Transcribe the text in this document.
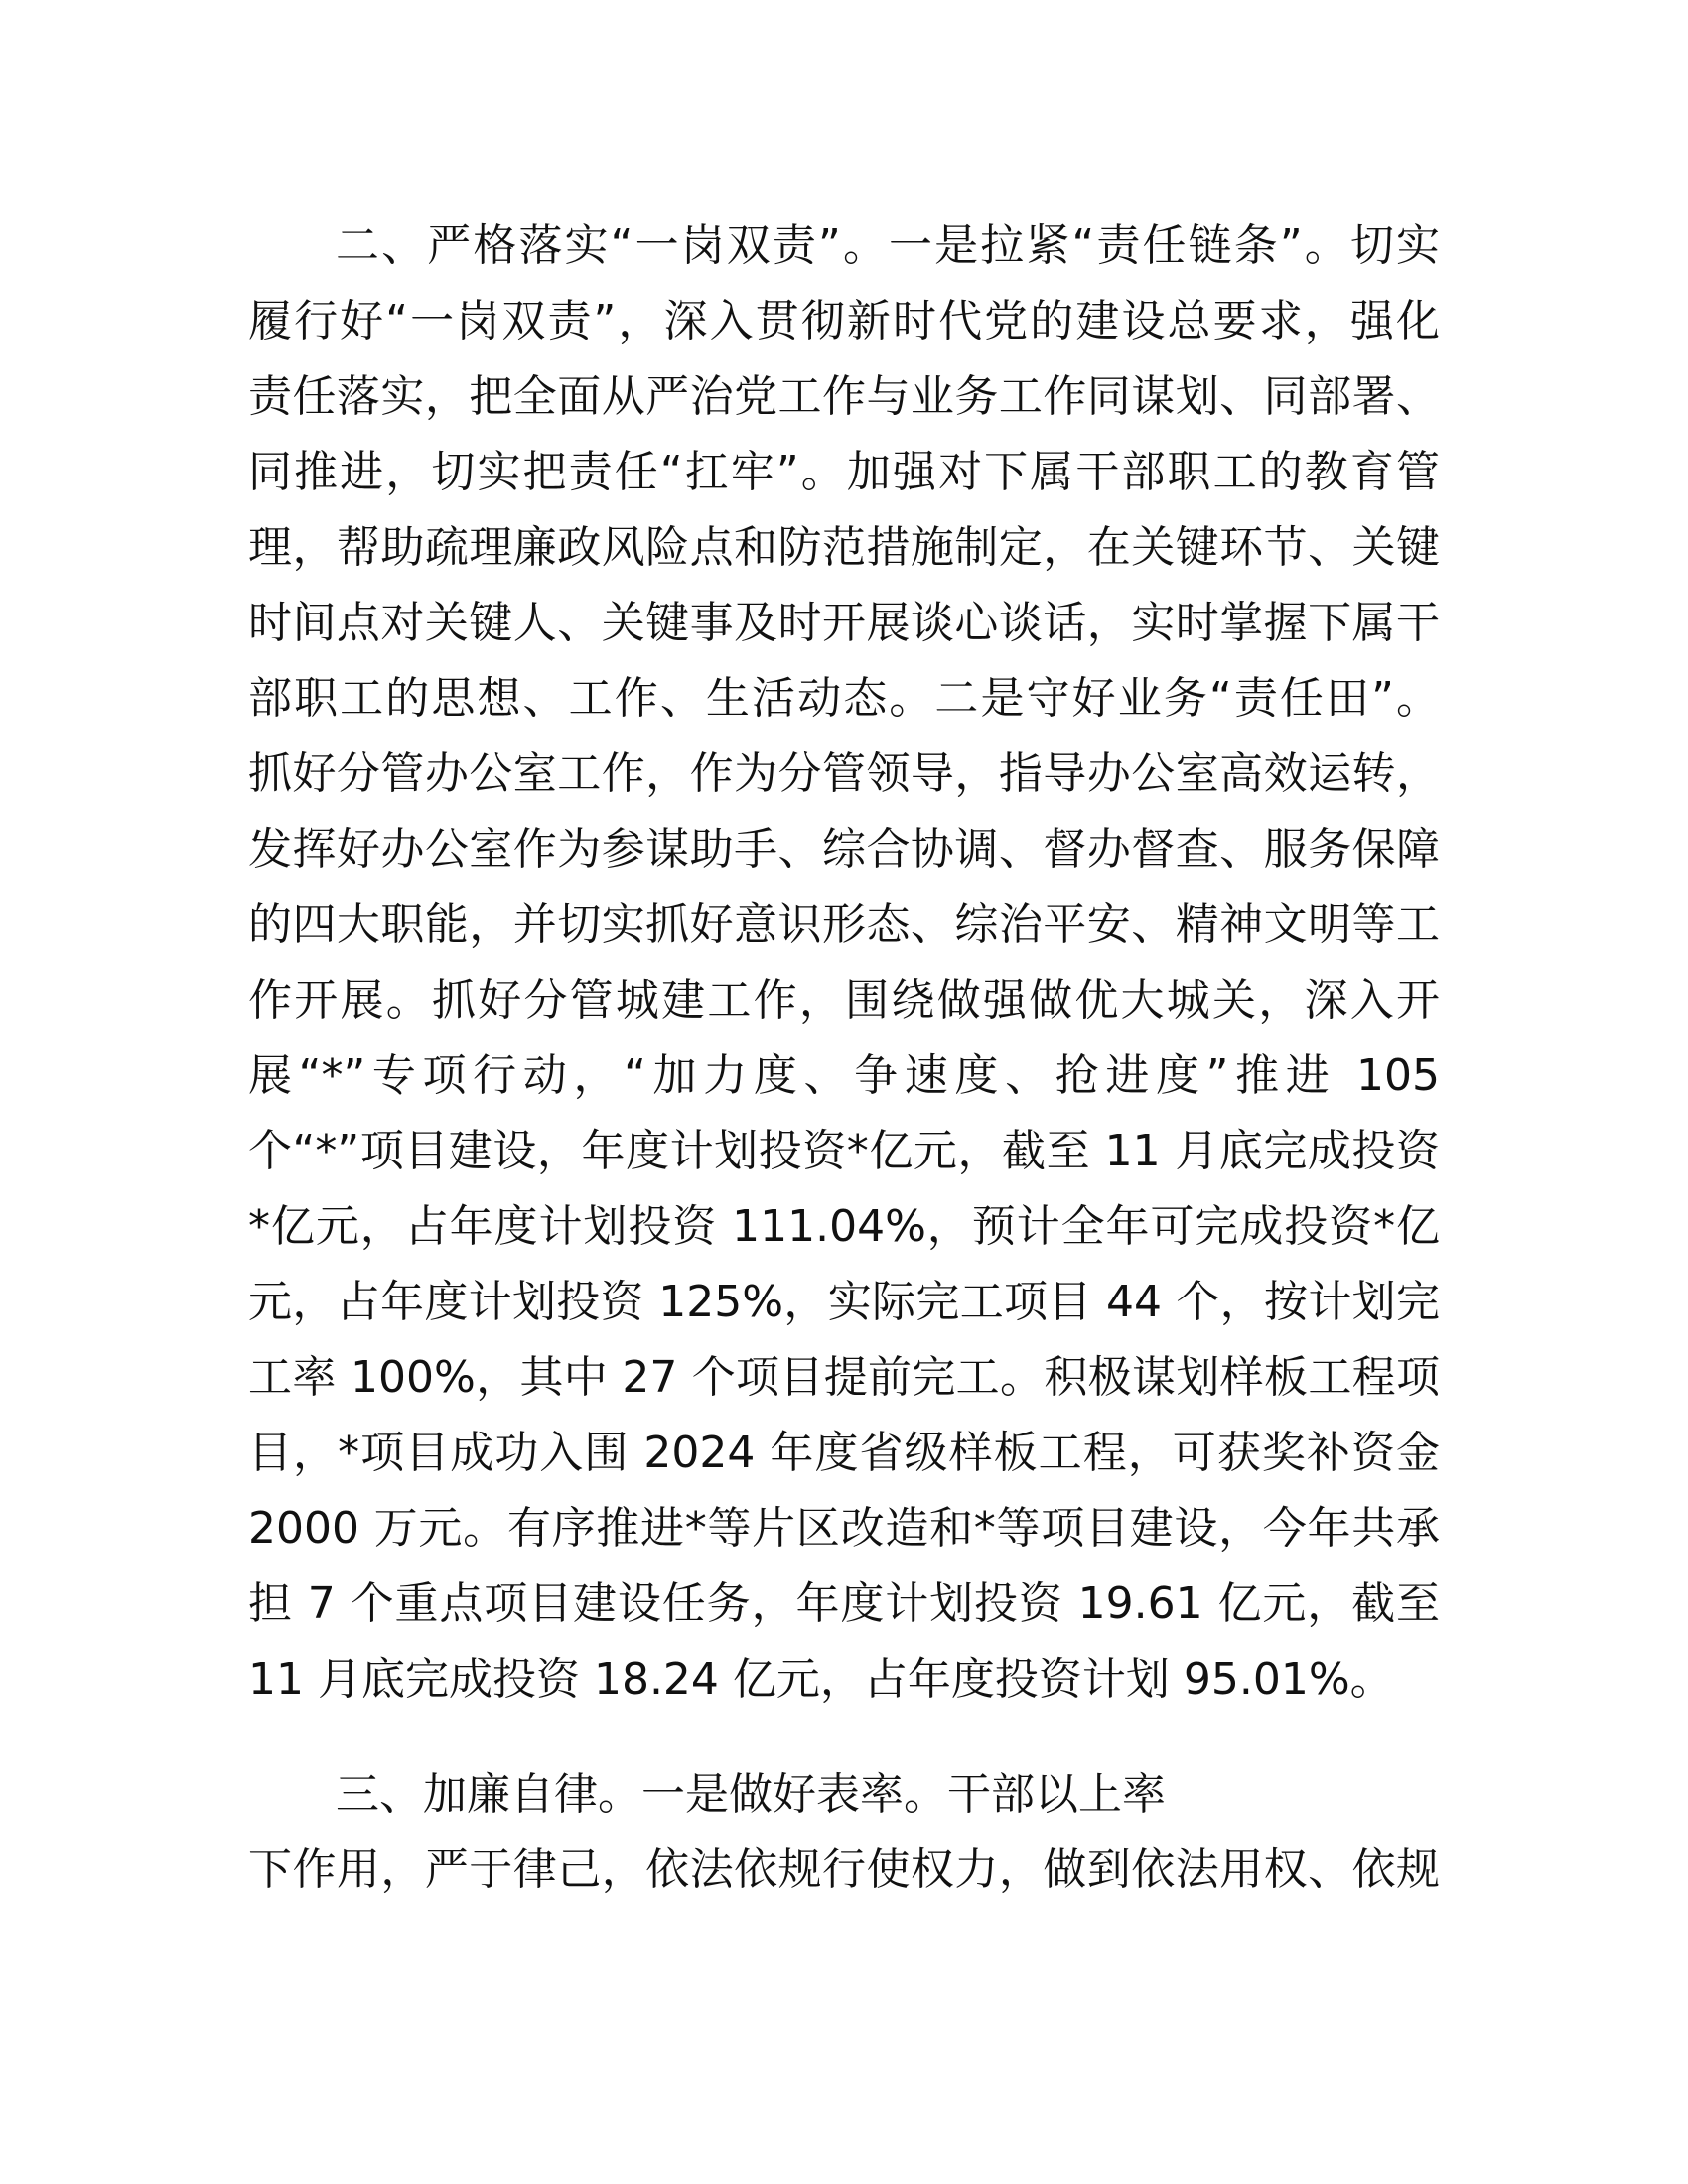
二、严格落实“一岗双责”。一是拉紧“责任链条”。切实
履行好“一岗双责”，深入贯彻新时代党的建设总要求，强化
责任落实，把全面从严治党工作与业务工作同谋划、同部署、
同推进，切实把责任“扛牢”。加强对下属干部职工的教育管
理，帮助疏理廉政风险点和防范措施制定，在关键环节、关键
时间点对关键人、关键事及时开展谈心谈话，实时掌握下属干
部职工的思想、工作、生活动态。二是守好业务“责任田”。
抓好分管办公室工作，作为分管领导，指导办公室高效运转，
发挥好办公室作为参谋助手、综合协调、督办督查、服务保障
的四大职能，并切实抓好意识形态、综治平安、精神文明等工
作开展。抓好分管城建工作，围绕做强做优大城关，深入开
展“*”专项行动，“加力度、争速度、抢进度”推进 105
个“*”项目建设，年度计划投资*亿元，截至 11 月底完成投资
*亿元，占年度计划投资 111.04%，预计全年可完成投资*亿
元，占年度计划投资 125%，实际完工项目 44 个，按计划完
工率 100%，其中 27 个项目提前完工。积极谋划样板工程项
目，*项目成功入围 2024 年度省级样板工程，可获奖补资金
2000 万元。有序推进*等片区改造和*等项目建设，今年共承
担 7 个重点项目建设任务，年度计划投资 19.61 亿元，截至
11 月底完成投资 18.24 亿元，占年度投资计划 95.01%。
三、加廉自律。一是做好表率。干部以上率
下作用，严于律己，依法依规行使权力，做到依法用权、依规
